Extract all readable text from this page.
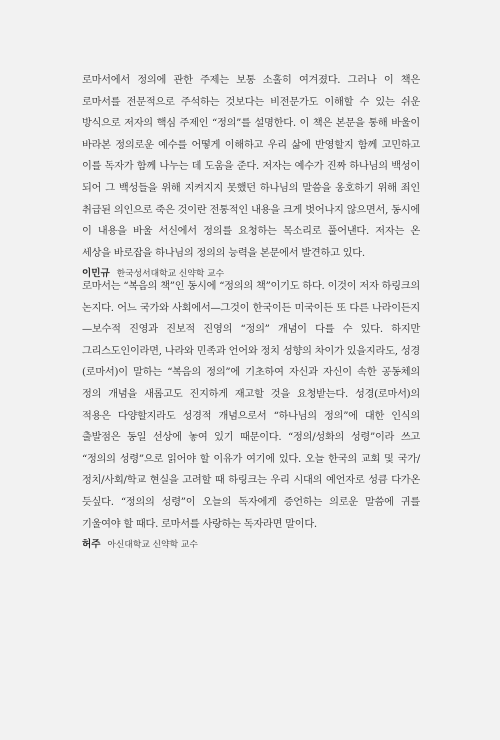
로마서에서 정의에 관한 주제는 보통 소홀히 여겨졌다. 그러나 이 책은 로마서를 전문적으로 주석하는 것보다는 비전문가도 이해할 수 있는 쉬운 방식으로 저자의 핵심 주제인 “정의”를 설명한다. 이 책은 본문을 통해 바울이 바라본 정의로운 예수를 어떻게 이해하고 우리 삶에 반영할지 함께 고민하고 이를 독자가 함께 나누는 데 도움을 준다. 저자는 예수가 진짜 하나님의 백성이 되어 그 백성들을 위해 지켜지지 못했던 하나님의 말씀을 옹호하기 위해 죄인 취급된 의인으로 죽은 것이란 전통적인 내용을 크게 벗어나지 않으면서, 동시에 이 내용을 바울 서신에서 정의를 요청하는 목소리로 풀어낸다. 저자는 온 세상을 바로잡을 하나님의 정의의 능력을 본문에서 발견하고 있다.

이민규 한국성서대학교 신약학 교수

로마서는 “복음의 책”인 동시에 “정의의 책”이기도 하다. 이것이 저자 하링크의 논지다. 어느 국가와 사회에서—그것이 한국이든 미국이든 또 다른 나라이든지—보수적 진영과 진보적 진영의 “정의” 개념이 다를 수 있다. 하지만 그리스도인이라면, 나라와 민족과 언어와 정치 성향의 차이가 있을지라도, 성경(로마서)이 말하는 “복음의 정의”에 기초하여 자신과 자신이 속한 공동체의 정의 개념을 새롭고도 진지하게 재고할 것을 요청받는다. 성경(로마서)의 적용은 다양할지라도 성경적 개념으로서 “하나님의 정의”에 대한 인식의 출발점은 동일 선상에 놓여 있기 때문이다. “정의/성화의 성령”이라 쓰고 “정의의 성령”으로 읽어야 할 이유가 여기에 있다. 오늘 한국의 교회 및 국가/정치/사회/학교 현실을 고려할 때 하링크는 우리 시대의 예언자로 성큼 다가온 듯싶다. “정의의 성령”이 오늘의 독자에게 증언하는 의로운 말씀에 귀를 기울여야 할 때다. 로마서를 사랑하는 독자라면 말이다.

허주 아신대학교 신약학 교수
